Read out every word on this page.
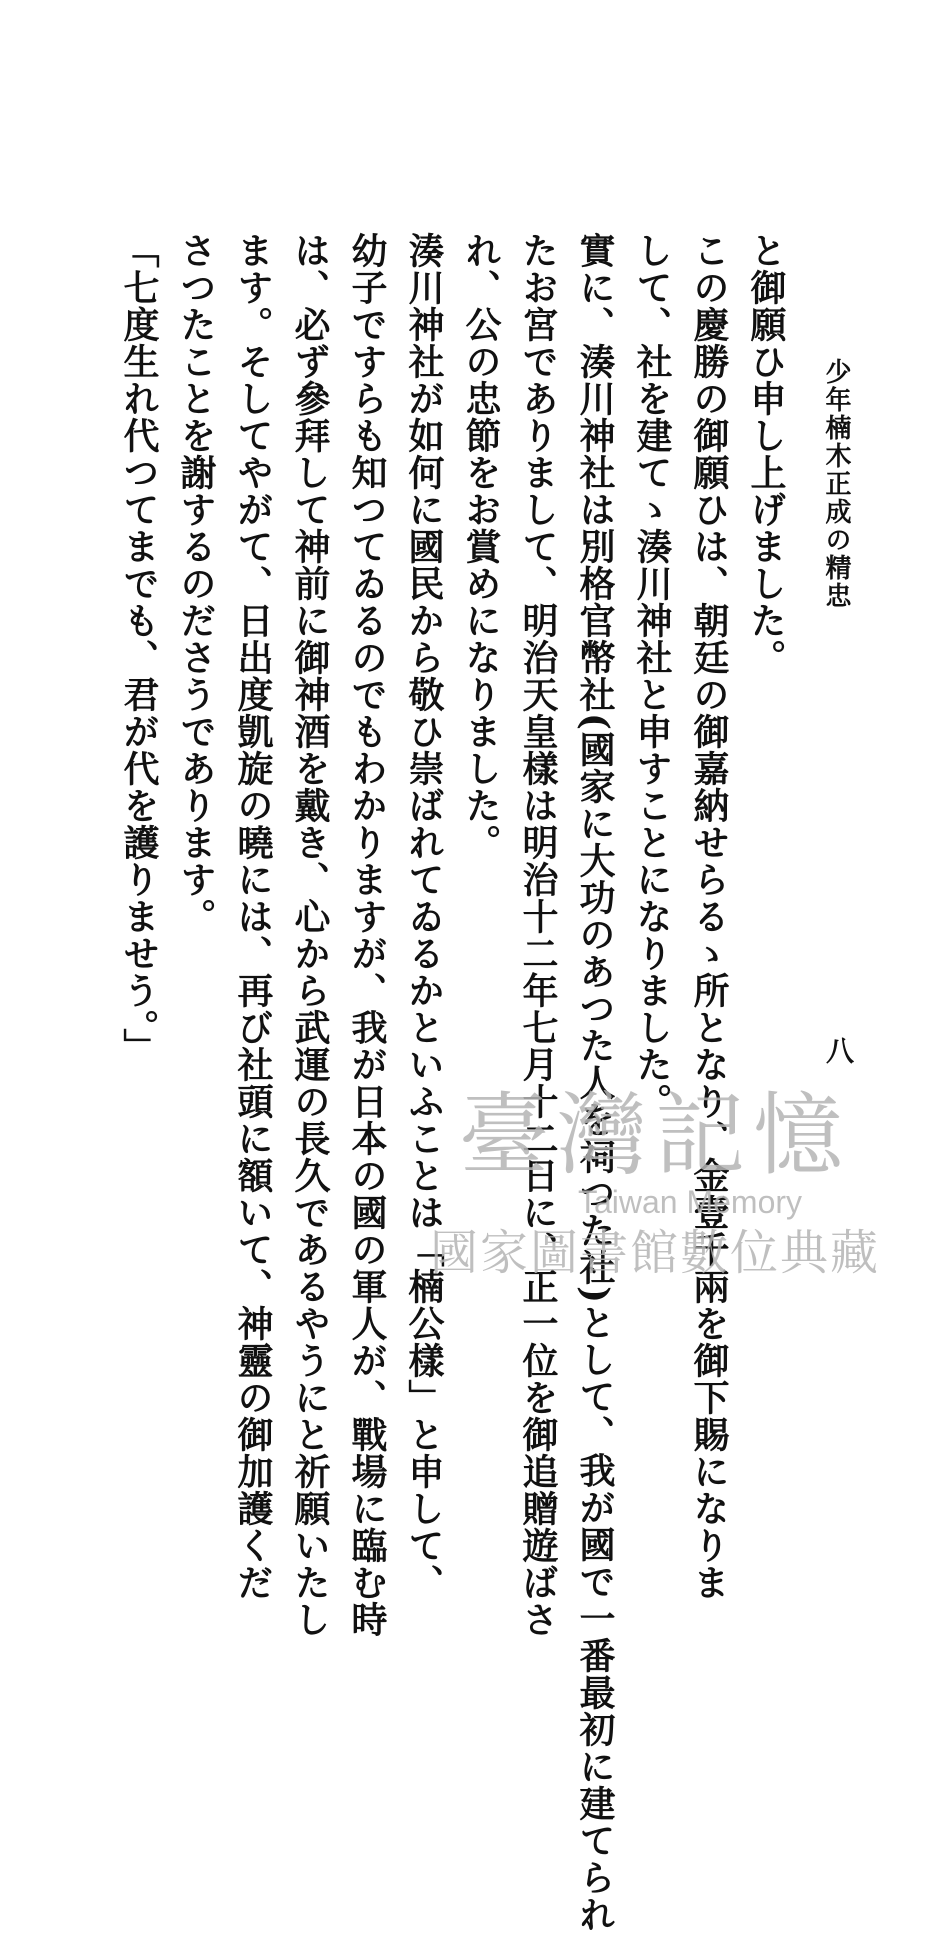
少年楠木正成の精忠
八
と御願ひ申し上げました。
この慶勝の御願ひは、朝廷の御嘉納せらるゝ所となり、金壹千兩を御下賜になりま
して、社を建てゝ湊川神社と申すことになりました。
實に、湊川神社は別格官幣社(國家に大功のあつた人を祠つた社)として、我が國で一番最初に建てられ
たお宮でありまして、明治天皇樣は明治十二年七月十二日に、正一位を御追贈遊ばさ
れ、公の忠節をお賞めになりました。
湊川神社が如何に國民から敬ひ崇ばれてゐるかといふことは「楠公樣」と申して、
幼子ですらも知つてゐるのでもわかりますが、我が日本の國の軍人が、戰場に臨む時
は、必ず參拜して神前に御神酒を戴き、心から武運の長久であるやうにと祈願いたし
ます。そしてやがて、日出度凱旋の曉には、再び社頭に額いて、神靈の御加護くだ
さつたことを謝するのださうであります。
「七度生れ代つてまでも、君が代を護りませう。」
臺灣記憶
Taiwan Memory
國家圖書館數位典藏
